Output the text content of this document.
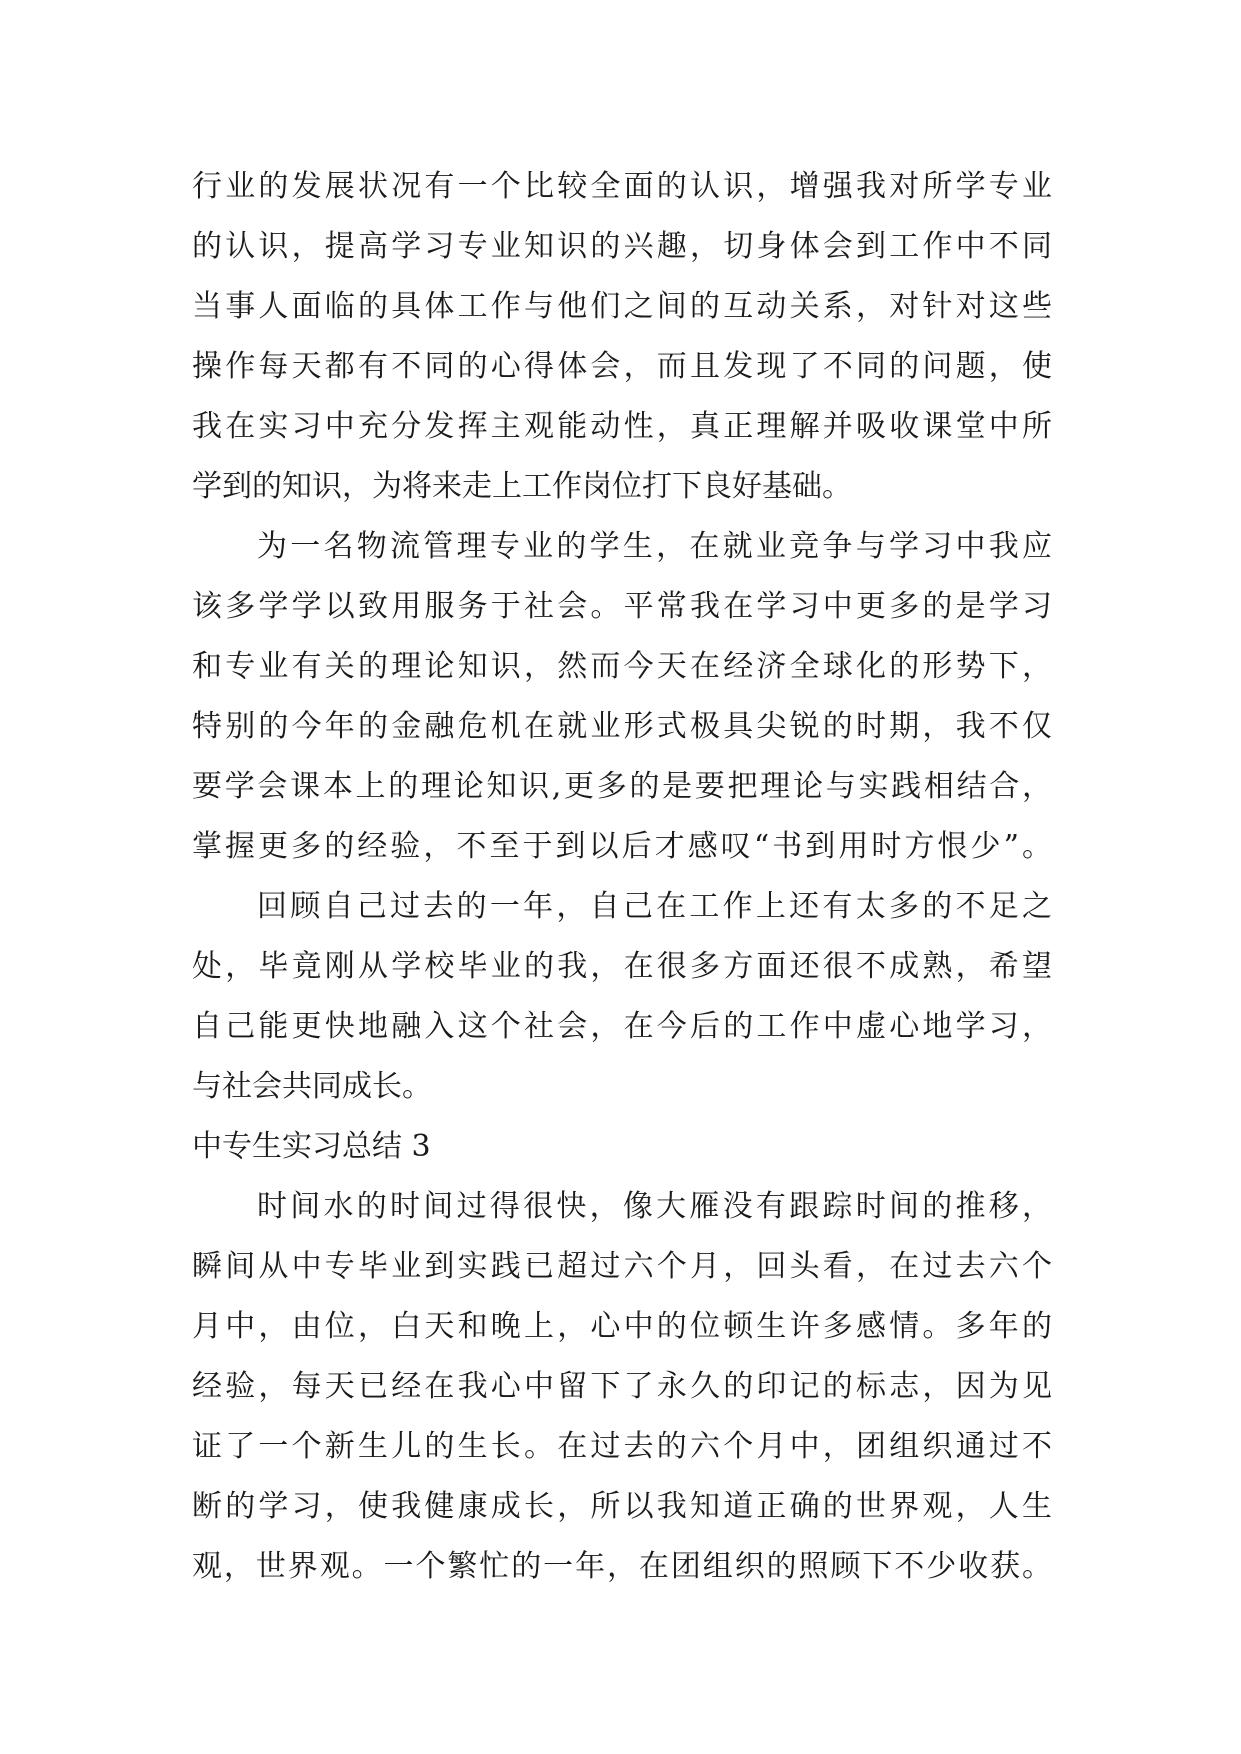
行业的发展状况有一个比较全面的认识，增强我对所学专业
的认识，提高学习专业知识的兴趣，切身体会到工作中不同
当事人面临的具体工作与他们之间的互动关系，对针对这些
操作每天都有不同的心得体会，而且发现了不同的问题，使
我在实习中充分发挥主观能动性，真正理解并吸收课堂中所
学到的知识，为将来走上工作岗位打下良好基础。
为一名物流管理专业的学生，在就业竞争与学习中我应
该多学学以致用服务于社会。平常我在学习中更多的是学习
和专业有关的理论知识，然而今天在经济全球化的形势下，
特别的今年的金融危机在就业形式极具尖锐的时期，我不仅
要学会课本上的理论知识,更多的是要把理论与实践相结合，
掌握更多的经验，不至于到以后才感叹“书到用时方恨少”。
回顾自己过去的一年，自己在工作上还有太多的不足之
处，毕竟刚从学校毕业的我，在很多方面还很不成熟，希望
自己能更快地融入这个社会，在今后的工作中虚心地学习，
与社会共同成长。
中专生实习总结 3
时间水的时间过得很快，像大雁没有跟踪时间的推移，
瞬间从中专毕业到实践已超过六个月，回头看，在过去六个
月中，由位，白天和晚上，心中的位顿生许多感情。多年的
经验，每天已经在我心中留下了永久的印记的标志，因为见
证了一个新生儿的生长。在过去的六个月中，团组织通过不
断的学习，使我健康成长，所以我知道正确的世界观，人生
观，世界观。一个繁忙的一年，在团组织的照顾下不少收获。
